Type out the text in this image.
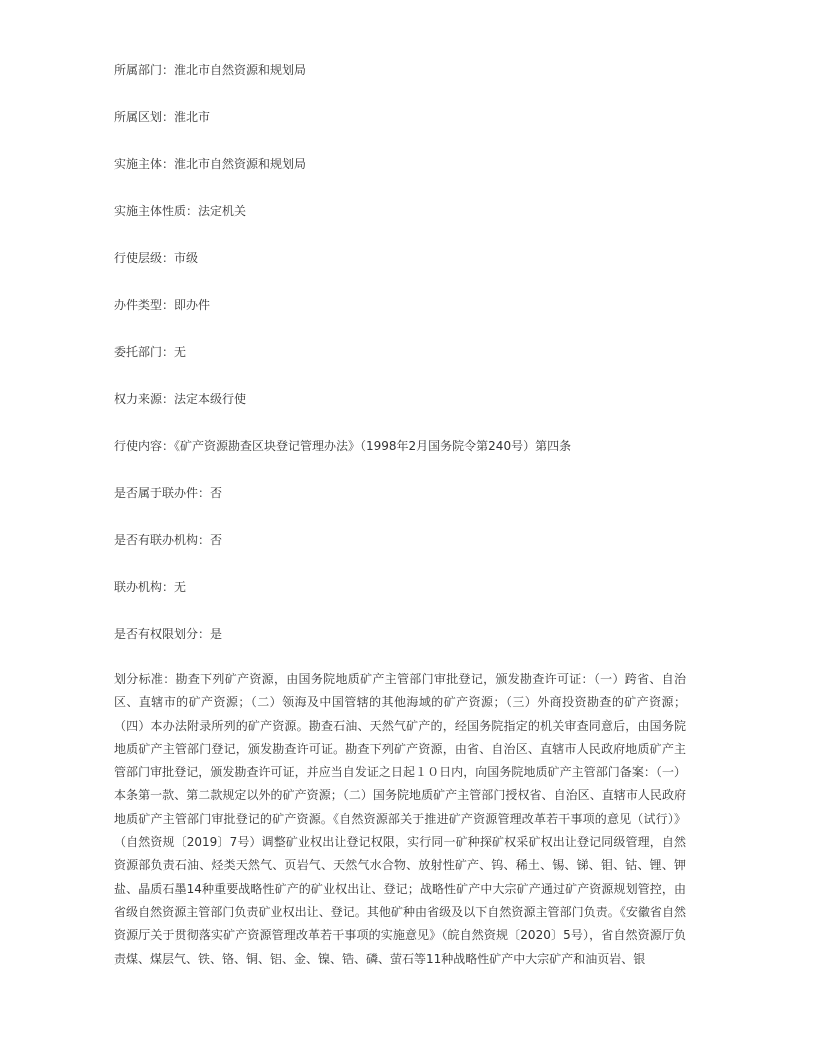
所属部门：淮北市自然资源和规划局

所属区划：淮北市

实施主体：淮北市自然资源和规划局

实施主体性质：法定机关

行使层级：市级

办件类型：即办件

委托部门：无

权力来源：法定本级行使

行使内容：《矿产资源勘查区块登记管理办法》（1998年2月国务院令第240号）第四条

是否属于联办件：否

是否有联办机构：否

联办机构：无

是否有权限划分：是

划分标准：勘查下列矿产资源，由国务院地质矿产主管部门审批登记，颁发勘查许可证：（一）跨省、自治区、直辖市的矿产资源；（二）领海及中国管辖的其他海域的矿产资源；（三）外商投资勘查的矿产资源；（四）本办法附录所列的矿产资源。勘查石油、天然气矿产的，经国务院指定的机关审查同意后，由国务院地质矿产主管部门登记，颁发勘查许可证。勘查下列矿产资源，由省、自治区、直辖市人民政府地质矿产主管部门审批登记，颁发勘查许可证，并应当自发证之日起１０日内，向国务院地质矿产主管部门备案：（一）本条第一款、第二款规定以外的矿产资源；（二）国务院地质矿产主管部门授权省、自治区、直辖市人民政府地质矿产主管部门审批登记的矿产资源。《自然资源部关于推进矿产资源管理改革若干事项的意见（试行）》（自然资规〔2019〕7号）调整矿业权出让登记权限，实行同一矿种探矿权采矿权出让登记同级管理，自然资源部负责石油、烃类天然气、页岩气、天然气水合物、放射性矿产、钨、稀土、锡、锑、钼、钴、锂、钾盐、晶质石墨14种重要战略性矿产的矿业权出让、登记；战略性矿产中大宗矿产通过矿产资源规划管控，由省级自然资源主管部门负责矿业权出让、登记。其他矿种由省级及以下自然资源主管部门负责。《安徽省自然资源厅关于贯彻落实矿产资源管理改革若干事项的实施意见》（皖自然资规〔2020〕5号），省自然资源厅负责煤、煤层气、铁、铬、铜、铝、金、镍、锆、磷、萤石等11种战略性矿产中大宗矿产和油页岩、银
